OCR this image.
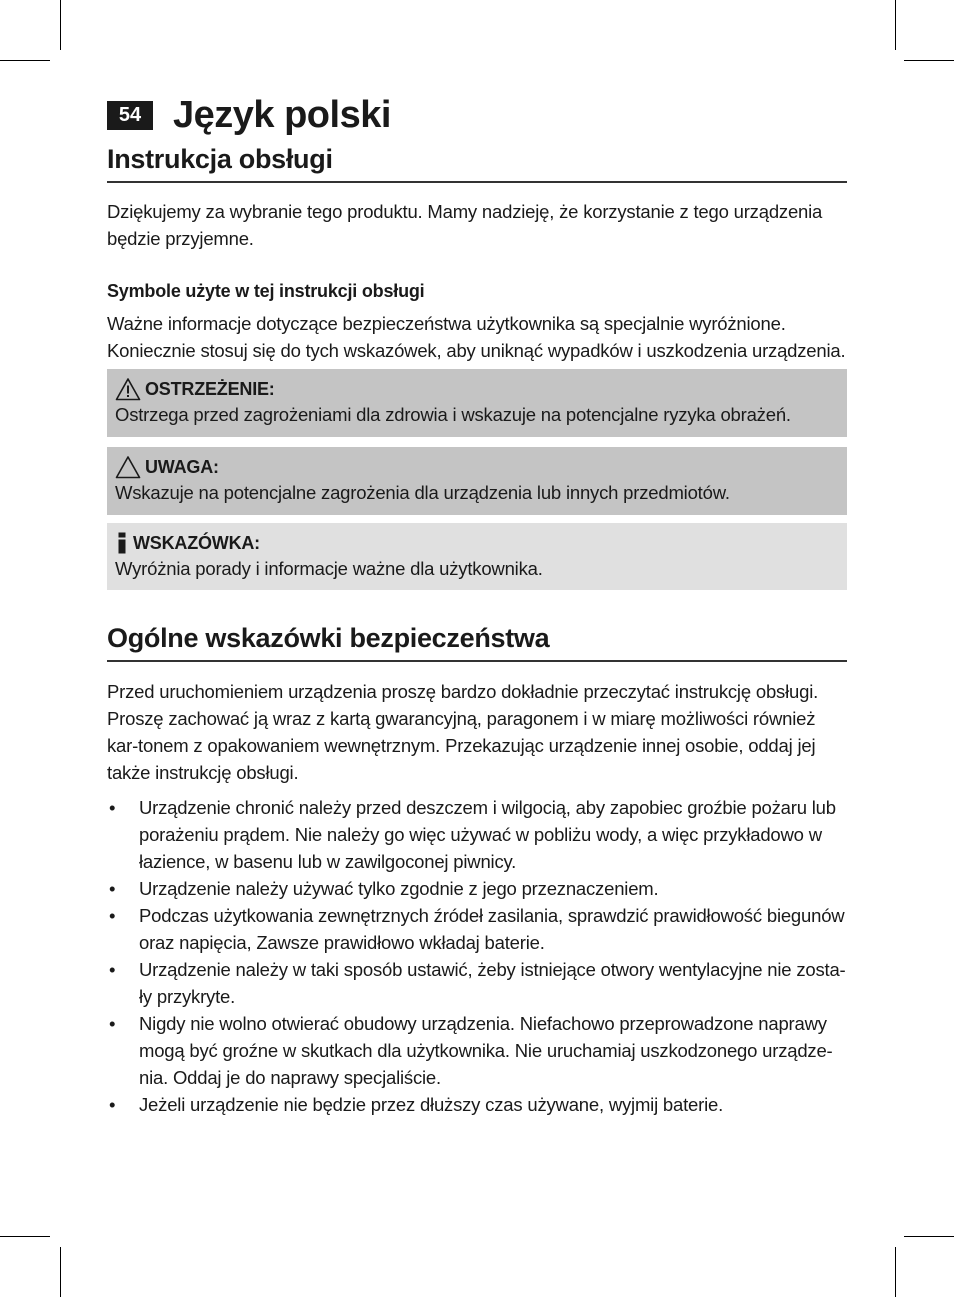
54 Język polski
Instrukcja obsługi
Dziękujemy za wybranie tego produktu. Mamy nadzieję, że korzystanie z tego urządzenia będzie przyjemne.
Symbole użyte w tej instrukcji obsługi
Ważne informacje dotyczące bezpieczeństwa użytkownika są specjalnie wyróżnione. Koniecznie stosuj się do tych wskazówek, aby uniknąć wypadków i uszkodzenia urządzenia.
OSTRZEŻENIE:
Ostrzega przed zagrożeniami dla zdrowia i wskazuje na potencjalne ryzyka obrażeń.
UWAGA:
Wskazuje na potencjalne zagrożenia dla urządzenia lub innych przedmiotów.
WSKAZÓWKA:
Wyróżnia porady i informacje ważne dla użytkownika.
Ogólne wskazówki bezpieczeństwa
Przed uruchomieniem urządzenia proszę bardzo dokładnie przeczytać instrukcję obsługi. Proszę zachować ją wraz z kartą gwarancyjną, paragonem i w miarę możliwości również kar-tonem z opakowaniem wewnętrznym. Przekazując urządzenie innej osobie, oddaj jej także instrukcję obsługi.
• Urządzenie chronić należy przed deszczem i wilgocią, aby zapobiec groźbie pożaru lub porażeniu prądem. Nie należy go więc używać w pobliżu wody, a więc przykładowo w łazience, w basenu lub w zawilgoconej piwnicy.
• Urządzenie należy używać tylko zgodnie z jego przeznaczeniem.
• Podczas użytkowania zewnętrznych źródeł zasilania, sprawdzić prawidłowość biegunów oraz napięcia, Zawsze prawidłowo wkładaj baterie.
• Urządzenie należy w taki sposób ustawić, żeby istniejące otwory wentylacyjne nie zosta-ły przykryte.
• Nigdy nie wolno otwierać obudowy urządzenia. Niefachowo przeprowadzone naprawy mogą być groźne w skutkach dla użytkownika. Nie uruchamiaj uszkodzonego urządze-nia. Oddaj je do naprawy specjaliście.
• Jeżeli urządzenie nie będzie przez dłuższy czas używane, wyjmij baterie.
